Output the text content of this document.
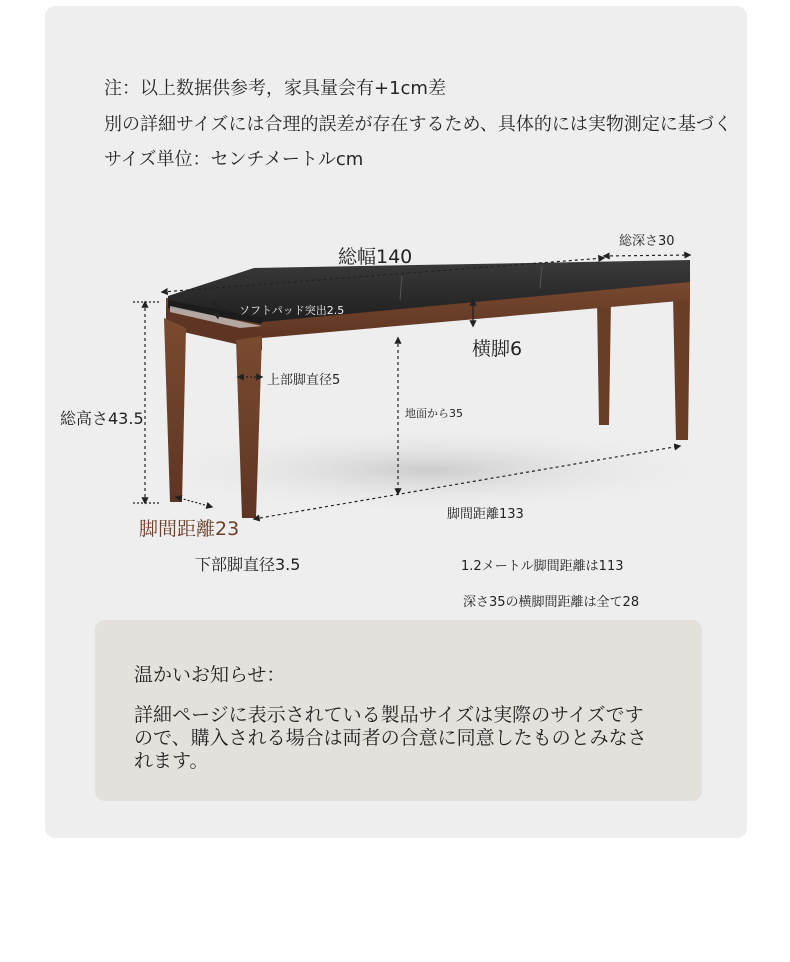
注：以上数据供参考，家具量会有+1cm差
別の詳細サイズには合理的誤差が存在するため、具体的には実物測定に基づく
サイズ単位：センチメートルcm
総幅140
総深さ30
ソフトパッド突出2.5
横脚6
上部脚直径5
総高さ43.5	地面から35
脚間距離23
脚間距離133
下部脚直径3.5	1.2メートル脚間距離は113
深さ35の横脚間距離は全て28
温かいお知らせ：
詳細ページに表示されている製品サイズは実際のサイズですので、購入される場合は両者の合意に同意したものとみなされます。
